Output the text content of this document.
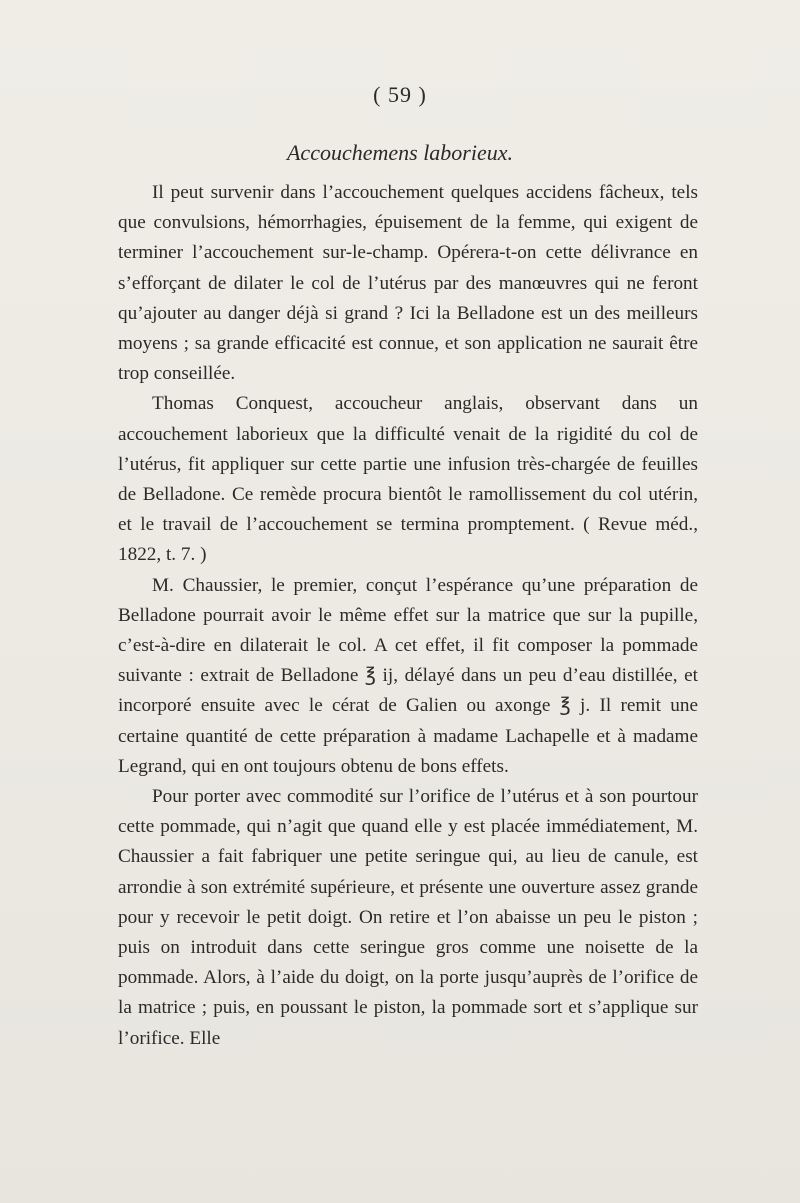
( 59 )
Accouchemens laborieux.

Il peut survenir dans l’accouchement quelques accidens fâcheux, tels que convulsions, hémorrhagies, épuisement de la femme, qui exigent de terminer l’accouchement sur-le-champ. Opérera-t-on cette délivrance en s’efforçant de dilater le col de l’utérus par des manœuvres qui ne feront qu’ajouter au danger déjà si grand ? Ici la Belladone est un des meilleurs moyens ; sa grande efficacité est connue, et son application ne saurait être trop conseillée.

Thomas Conquest, accoucheur anglais, observant dans un accouchement laborieux que la difficulté venait de la rigidité du col de l’utérus, fit appliquer sur cette partie une infusion très-chargée de feuilles de Belladone. Ce remède procura bientôt le ramollissement du col utérin, et le travail de l’accouchement se termina promptement. ( Revue méd., 1822, t. 7. )

M. Chaussier, le premier, conçut l’espérance qu’une préparation de Belladone pourrait avoir le même effet sur la matrice que sur la pupille, c’est-à-dire en dilaterait le col. A cet effet, il fit composer la pommade suivante : extrait de Belladone ℥ ij, délayé dans un peu d’eau distillée, et incorporé ensuite avec le cérat de Galien ou axonge ℥ j. Il remit une certaine quantité de cette préparation à madame Lachapelle et à madame Legrand, qui en ont toujours obtenu de bons effets.

Pour porter avec commodité sur l’orifice de l’utérus et à son pourtour cette pommade, qui n’agit que quand elle y est placée immédiatement, M. Chaussier a fait fabriquer une petite seringue qui, au lieu de canule, est arrondie à son extrémité supérieure, et présente une ouverture assez grande pour y recevoir le petit doigt. On retire et l’on abaisse un peu le piston ; puis on introduit dans cette seringue gros comme une noisette de la pommade. Alors, à l’aide du doigt, on la porte jusqu’auprès de l’orifice de la matrice ; puis, en poussant le piston, la pommade sort et s’applique sur l’orifice. Elle
